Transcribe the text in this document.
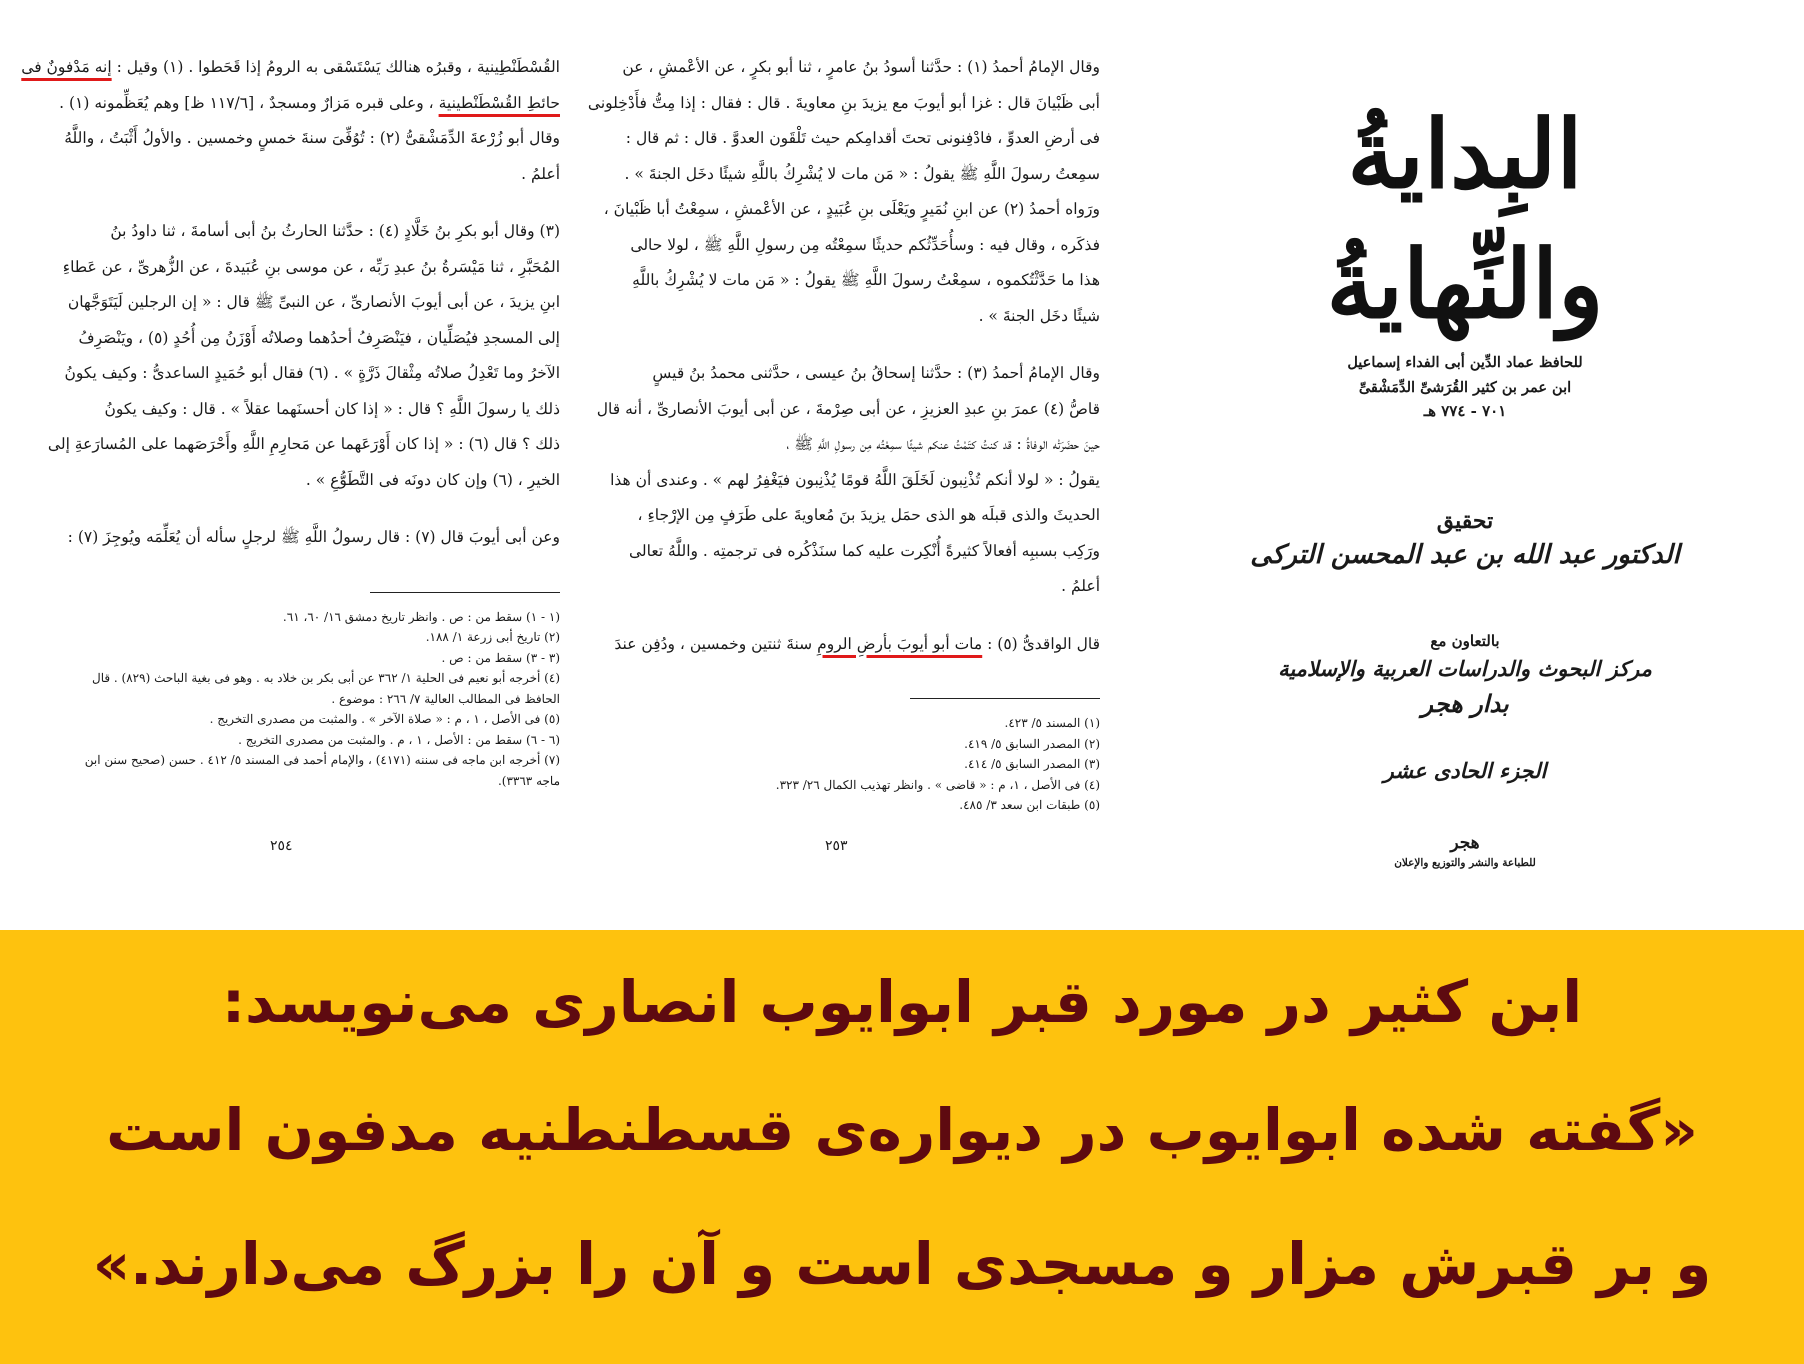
القُسْطَنْطِينية ، وقبرُه هنالك يَسْتَسْقى به الرومُ إذا قَحَطوا . (١) وقيل : إنه مَدْفونٌ فى
حائطِ القُسْطَنْطينية ، وعلى قبره مَزارٌ ومسجدٌ ، [١١٧/٦ ظ] وهم يُعَظِّمونه (١) .
وقال أبو زُرْعةَ الدِّمَشْقىُّ (٢) : تُوُفِّىَ سنةَ خمسٍ وخمسين . والأولُ أَثْبَتُ ، واللَّهُ
أعلمُ .
(٣) وقال أبو بكرِ بنُ خَلَّادٍ (٤) : حدَّثنا الحارثُ بنُ أبى أسامةَ ، ثنا داودُ بنُ
المُحَبَّرِ ، ثنا مَيْسَرةُ بنُ عبدِ رَبِّه ، عن موسى بنِ عُبَيدةَ ، عن الزُّهرىِّ ، عن عَطاءِ
ابنِ يزيدَ ، عن أبى أيوبَ الأنصارىِّ ، عن النبىِّ ﷺ قال : « إن الرجلين لَيَتَوَجَّهان
إلى المسجدِ فيُصَلِّيان ، فيَنْصَرِفُ أحدُهما وصلاتُه أَوْزَنُ مِن أُحُدٍ (٥) ، ويَنْصَرِفُ
الآخرُ وما تَعْدِلُ صلاتُه مِثْقالَ ذَرَّةٍ » . (٦) فقال أبو حُمَيدٍ الساعدىُّ : وكيف يكونُ
ذلك يا رسولَ اللَّهِ ؟ قال : « إذا كان أحسنَهما عقلاً » . قال : وكيف يكونُ
ذلك ؟ قال (٦) : « إذا كان أَوْرَعَهما عن مَحارِمِ اللَّهِ وأَحْرَصَهما على المُسارَعةِ إلى
الخيرِ ، (٦) وإن كان دونَه فى التَّطَوُّعِ » .
وعن أبى أيوبَ قال (٧) : قال رسولُ اللَّهِ ﷺ لرجلٍ سأله أن يُعَلِّمَه ويُوجِزَ (٧) :
(١ - ١) سقط من : ص . وانظر تاريخ دمشق ١٦/ ٦٠، ٦١.
(٢) تاريخ أبى زرعة ١/ ١٨٨.
(٣ - ٣) سقط من : ص .
(٤) أخرجه أبو نعيم فى الحلية ١/ ٣٦٢ عن أبى بكر بن خلاد به . وهو فى بغية الباحث (٨٢٩) . قال
الحافظ فى المطالب العالية ٧/ ٢٦٦ : موضوع .
(٥) فى الأصل ، ١ ، م : « صلاة الآخر » . والمثبت من مصدرى التخريج .
(٦ - ٦) سقط من : الأصل ، ١ ، م . والمثبت من مصدرى التخريج .
(٧) أخرجه ابن ماجه فى سننه (٤١٧١) ، والإمام أحمد فى المسند ٥/ ٤١٢ . حسن (صحيح سنن ابن
ماجه ٣٣٦٣).
٢٥٤
وقال الإمامُ أحمدُ (١) : حدَّثنا أسودُ بنُ عامرٍ ، ثنا أبو بكرٍ ، عن الأعْمشِ ، عن
أبى ظَبْيانَ قال : غزا أبو أيوبَ مع يزيدَ بنِ معاويةَ . قال : فقال : إذا مِتُّ فأَدْخِلونى
فى أرضِ العدوِّ ، فادْفِنونى تحتَ أقدامِكم حيث تَلْقَون العدوَّ . قال : ثم قال :
سمِعتُ رسولَ اللَّهِ ﷺ يقولُ : « مَن مات لا يُشْرِكُ باللَّهِ شيئًا دخَل الجنةَ » .
ورَواه أحمدُ (٢) عن ابنِ نُمَيرٍ ويَعْلَى بنِ عُبَيدٍ ، عن الأعْمشِ ، سمِعْتُ أبا ظَبْيانَ ،
فذكَره ، وقال فيه : وسأُحَدِّثُكم حديثًا سمِعْتُه مِن رسولِ اللَّهِ ﷺ ، لولا حالى
هذا ما حَدَّثْتُكموه ، سمِعْتُ رسولَ اللَّهِ ﷺ يقولُ : « مَن مات لا يُشْرِكُ باللَّهِ
شيئًا دخَل الجنةَ » .
وقال الإمامُ أحمدُ (٣) : حدَّثنا إسحاقُ بنُ عيسى ، حدَّثنى محمدُ بنُ قيسٍ
قاصُّ (٤) عمرَ بنِ عبدِ العزيزِ ، عن أبى صِرْمةَ ، عن أبى أيوبَ الأنصارىِّ ، أنه قال
حينَ حضَرَتْه الوفاةُ : قد كنتُ كتَمْتُ عنكم شيئًا سمِعْتُه مِن رسولِ اللَّهِ ﷺ ،
يقولُ : « لولا أنكم تُذْنِبون لَخَلَقَ اللَّهُ قومًا يُذْنِبون فيَغْفِرُ لهم » . وعندى أن هذا
الحديثَ والذى قبلَه هو الذى حمَل يزيدَ بنَ مُعاويةَ على طَرَفٍ مِن الإرْجاءِ ،
ورَكِب بسببِه أفعالاً كثيرةً أُنْكِرت عليه كما سنَذْكُره فى ترجمتِه . واللَّهُ تعالى
أعلمُ .
قال الواقدىُّ (٥) : مات أبو أيوبَ بأرضِ الرومِ سنةَ ثنتين وخمسين ، ودُفِن عندَ
(١) المسند ٥/ ٤٢٣.
(٢) المصدر السابق ٥/ ٤١٩.
(٣) المصدر السابق ٥/ ٤١٤.
(٤) فى الأصل ، ١، م : « قاضى » . وانظر تهذيب الكمال ٢٦/ ٣٢٣.
(٥) طبقات ابن سعد ٣/ ٤٨٥.
٢٥٣
البِدايةُ والنِّهايةُ
للحافظ عماد الدِّين أبى الفداء إسماعيل
ابن عمر بن كثير القُرَشىِّ الدِّمَشْقىِّ
٧٠١ - ٧٧٤ هـ
تحقيق
الدكتور عبد الله بن عبد المحسن التركى
بالتعاون مع
مركز البحوث والدراسات العربية والإسلامية
بدار هجر
الجزء الحادى عشر
هجر
للطباعة والنشر والتوزيع والإعلان
ابن کثیر در مورد قبر ابوایوب انصاری می‌نویسد:
«گفته شده ابوایوب در دیواره‌ی قسطنطنیه مدفون است
و بر قبرش مزار و مسجدی است و آن را بزرگ می‌دارند.»
